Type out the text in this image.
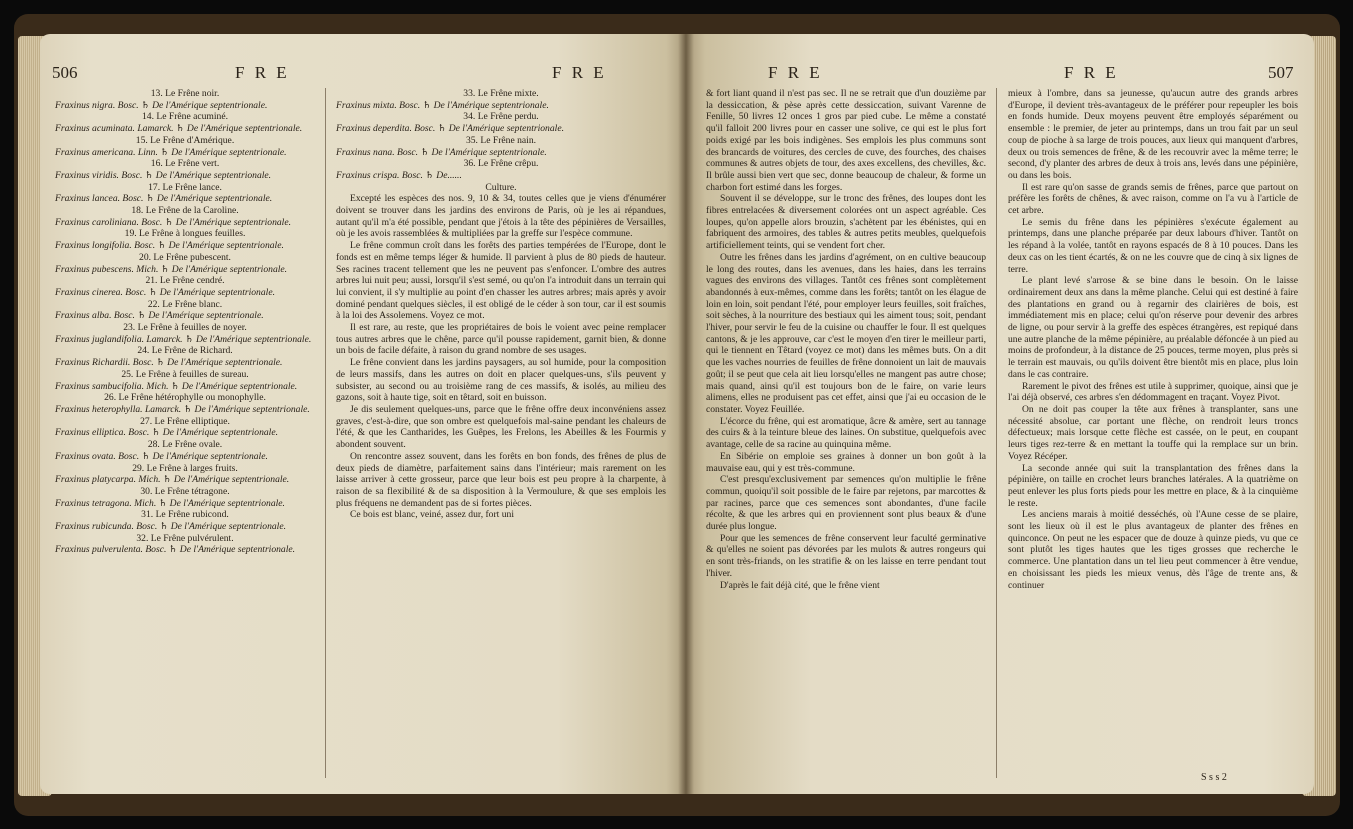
506	F R E	F R E

13. Le Frêne noir.

Fraxinus nigra. Bosc. ♄ De l'Amérique septentrionale.

14. Le Frêne acuminé.

Fraxinus acuminata. Lamarck. ♄ De l'Amérique septentrionale.

15. Le Frêne d'Amérique.

Fraxinus americana. Linn. ♄ De l'Amérique septentrionale.

16. Le Frêne vert.

Fraxinus viridis. Bosc. ♄ De l'Amérique septentrionale.

17. Le Frêne lance.

Fraxinus lancea. Bosc. ♄ De l'Amérique septentrionale.

18. Le Frêne de la Caroline.

Fraxinus caroliniana. Bosc. ♄ De l'Amérique septentrionale.

19. Le Frêne à longues feuilles.

Fraxinus longifolia. Bosc. ♄ De l'Amérique septentrionale.

20. Le Frêne pubescent.

Fraxinus pubescens. Mich. ♄ De l'Amérique septentrionale.

21. Le Frêne cendré.

Fraxinus cinerea. Bosc. ♄ De l'Amérique septentrionale.

22. Le Frêne blanc.

Fraxinus alba. Bosc. ♄ De l'Amérique septentrionale.

23. Le Frêne à feuilles de noyer.

Fraxinus juglandifolia. Lamarck. ♄ De l'Amérique septentrionale.

24. Le Frêne de Richard.

Fraxinus Richardii. Bosc. ♄ De l'Amérique septentrionale.

25. Le Frêne à feuilles de sureau.

Fraxinus sambucifolia. Mich. ♄ De l'Amérique septentrionale.

26. Le Frêne hétérophylle ou monophylle.

Fraxinus heterophylla. Lamarck. ♄ De l'Amérique septentrionale.

27. Le Frêne elliptique.

Fraxinus elliptica. Bosc. ♄ De l'Amérique septentrionale.

28. Le Frêne ovale.

Fraxinus ovata. Bosc. ♄ De l'Amérique septentrionale.

29. Le Frêne à larges fruits.

Fraxinus platycarpa. Mich. ♄ De l'Amérique septentrionale.

30. Le Frêne tétragone.

Fraxinus tetragona. Mich. ♄ De l'Amérique septentrionale.

31. Le Frêne rubicond.

Fraxinus rubicunda. Bosc. ♄ De l'Amérique septentrionale.

32. Le Frêne pulvérulent.

Fraxinus pulverulenta. Bosc. ♄ De l'Amérique septentrionale.

33. Le Frêne mixte.

Fraxinus mixta. Bosc. ♄ De l'Amérique septentrionale.

34. Le Frêne perdu.

Fraxinus deperdita. Bosc. ♄ De l'Amérique septentrionale.

35. Le Frêne nain.

Fraxinus nana. Bosc. ♄ De l'Amérique septentrionale.

36. Le Frêne crêpu.

Fraxinus crispa. Bosc. ♄ De......

Culture.

Excepté les espèces des nos. 9, 10 & 34, toutes celles que je viens d'énumérer doivent se trouver dans les jardins des environs de Paris, où je les ai répandues, autant qu'il m'a été possible, pendant que j'étois à la tête des pépinières de Versailles, où je les avois rassemblées & multipliées par la greffe sur l'espèce commune.

Le frêne commun croît dans les forêts des parties tempérées de l'Europe, dont le fonds est en même temps léger & humide. Il parvient à plus de 80 pieds de hauteur. Ses racines tracent tellement que les ne peuvent pas s'enfoncer. L'ombre des autres arbres lui nuit peu; aussi, lorsqu'il s'est semé, ou qu'on l'a introduit dans un terrain qui lui convient, il s'y multiplie au point d'en chasser les autres arbres; mais après y avoir dominé pendant quelques siècles, il est obligé de le céder à son tour, car il est soumis à la loi des Assolemens. Voyez ce mot.

Il est rare, au reste, que les propriétaires de bois le voient avec peine remplacer tous autres arbres que le chêne, parce qu'il pousse rapidement, garnit bien, & donne un bois de facile défaite, à raison du grand nombre de ses usages.

Le frêne convient dans les jardins paysagers, au sol humide, pour la composition de leurs massifs, dans les autres on doit en placer quelques-uns, s'ils peuvent y subsister, au second ou au troisième rang de ces massifs, & isolés, au milieu des gazons, soit à haute tige, soit en têtard, soit en buisson.

Je dis seulement quelques-uns, parce que le frêne offre deux inconvéniens assez graves, c'est-à-dire, que son ombre est quelquefois mal-saine pendant les chaleurs de l'été, & que les Cantharides, les Guêpes, les Frelons, les Abeilles & les Fourmis y abondent souvent.

On rencontre assez souvent, dans les forêts en bon fonds, des frênes de plus de deux pieds de diamètre, parfaitement sains dans l'intérieur; mais rarement on les laisse arriver à cette grosseur, parce que leur bois est peu propre à la charpente, à raison de sa flexibilité & de sa disposition à la Vermoulure, & que ses emplois les plus fréquens ne demandent pas de si fortes pièces.

Ce bois est blanc, veiné, assez dur, fort uni

F R E	F R E	507

& fort liant quand il n'est pas sec. Il ne se retrait que d'un douzième par la dessiccation, & pèse après cette dessiccation, suivant Varenne de Fenille, 50 livres 12 onces 1 gros par pied cube. Le même a constaté qu'il falloit 200 livres pour en casser une solive, ce qui est le plus fort poids exigé par les bois indigènes. Ses emplois les plus communs sont des brancards de voitures, des cercles de cuve, des fourches, des chaises communes & autres objets de tour, des axes excellens, des chevilles, &c. Il brûle aussi bien vert que sec, donne beaucoup de chaleur, & forme un charbon fort estimé dans les forges.

Souvent il se développe, sur le tronc des frênes, des loupes dont les fibres entrelacées & diversement colorées ont un aspect agréable. Ces loupes, qu'on appelle alors brouzin, s'achètent par les ébénistes, qui en fabriquent des armoires, des tables & autres petits meubles, quelquefois artificiellement teints, qui se vendent fort cher.

Outre les frênes dans les jardins d'agrément, on en cultive beaucoup le long des routes, dans les avenues, dans les haies, dans les terrains vagues des environs des villages. Tantôt ces frênes sont complètement abandonnés à eux-mêmes, comme dans les forêts; tantôt on les élague de loin en loin, soit pendant l'été, pour employer leurs feuilles, soit fraîches, soit sèches, à la nourriture des bestiaux qui les aiment tous; soit, pendant l'hiver, pour servir le feu de la cuisine ou chauffer le four. Il est quelques cantons, & je les approuve, car c'est le moyen d'en tirer le meilleur parti, qui le tiennent en Têtard (voyez ce mot) dans les mêmes buts. On a dit que les vaches nourries de feuilles de frêne donnoient un lait de mauvais goût; il se peut que cela ait lieu lorsqu'elles ne mangent pas autre chose; mais quand, ainsi qu'il est toujours bon de le faire, on varie leurs alimens, elles ne produisent pas cet effet, ainsi que j'ai eu occasion de le constater. Voyez Feuillée.

L'écorce du frêne, qui est aromatique, âcre & amère, sert au tannage des cuirs & à la teinture bleue des laines. On substitue, quelquefois avec avantage, celle de sa racine au quinquina même.

En Sibérie on emploie ses graines à donner un bon goût à la mauvaise eau, qui y est très-commune.

C'est presqu'exclusivement par semences qu'on multiplie le frêne commun, quoiqu'il soit possible de le faire par rejetons, par marcottes & par racines, parce que ces semences sont abondantes, d'une facile récolte, & que les arbres qui en proviennent sont plus beaux & d'une durée plus longue.

Pour que les semences de frêne conservent leur faculté germinative & qu'elles ne soient pas dévorées par les mulots & autres rongeurs qui en sont très-friands, on les stratifie & on les laisse en terre pendant tout l'hiver.

D'après le fait déjà cité, que le frêne vient

mieux à l'ombre, dans sa jeunesse, qu'aucun autre des grands arbres d'Europe, il devient très-avantageux de le préférer pour repeupler les bois en fonds humide. Deux moyens peuvent être employés séparément ou ensemble : le premier, de jeter au printemps, dans un trou fait par un seul coup de pioche à sa large de trois pouces, aux lieux qui manquent d'arbres, deux ou trois semences de frêne, & de les recouvrir avec la même terre; le second, d'y planter des arbres de deux à trois ans, levés dans une pépinière, ou dans les bois.

Il est rare qu'on sasse de grands semis de frênes, parce que partout on préfère les forêts de chênes, & avec raison, comme on l'a vu à l'article de cet arbre.

Le semis du frêne dans les pépinières s'exécute également au printemps, dans une planche préparée par deux labours d'hiver. Tantôt on les répand à la volée, tantôt en rayons espacés de 8 à 10 pouces. Dans les deux cas on les tient écartés, & on ne les couvre que de cinq à six lignes de terre.

Le plant levé s'arrose & se bine dans le besoin. On le laisse ordinairement deux ans dans la même planche. Celui qui est destiné à faire des plantations en grand ou à regarnir des clairières de bois, est immédiatement mis en place; celui qu'on réserve pour devenir des arbres de ligne, ou pour servir à la greffe des espèces étrangères, est repiqué dans une autre planche de la même pépinière, au préalable défoncée à un pied au moins de profondeur, à la distance de 25 pouces, terme moyen, plus près si le terrain est mauvais, ou qu'ils doivent être bientôt mis en place, plus loin dans le cas contraire.

Rarement le pivot des frênes est utile à supprimer, quoique, ainsi que je l'ai déjà observé, ces arbres s'en dédommagent en traçant. Voyez Pivot.

On ne doit pas couper la tête aux frênes à transplanter, sans une nécessité absolue, car portant une flèche, on rendroit leurs troncs défectueux; mais lorsque cette flèche est cassée, on le peut, en coupant leurs tiges rez-terre & en mettant la touffe qui la remplace sur un brin. Voyez Récéper.

La seconde année qui suit la transplantation des frênes dans la pépinière, on taille en crochet leurs branches latérales. A la quatrième on peut enlever les plus forts pieds pour les mettre en place, & à la cinquième le reste.

Les anciens marais à moitié desséchés, où l'Aune cesse de se plaire, sont les lieux où il est le plus avantageux de planter des frênes en quinconce. On peut ne les espacer que de douze à quinze pieds, vu que ce sont plutôt les tiges hautes que les tiges grosses que recherche le commerce. Une plantation dans un tel lieu peut commencer à être vendue, en choisissant les pieds les mieux venus, dès l'âge de trente ans, & continuer

S s s 2
